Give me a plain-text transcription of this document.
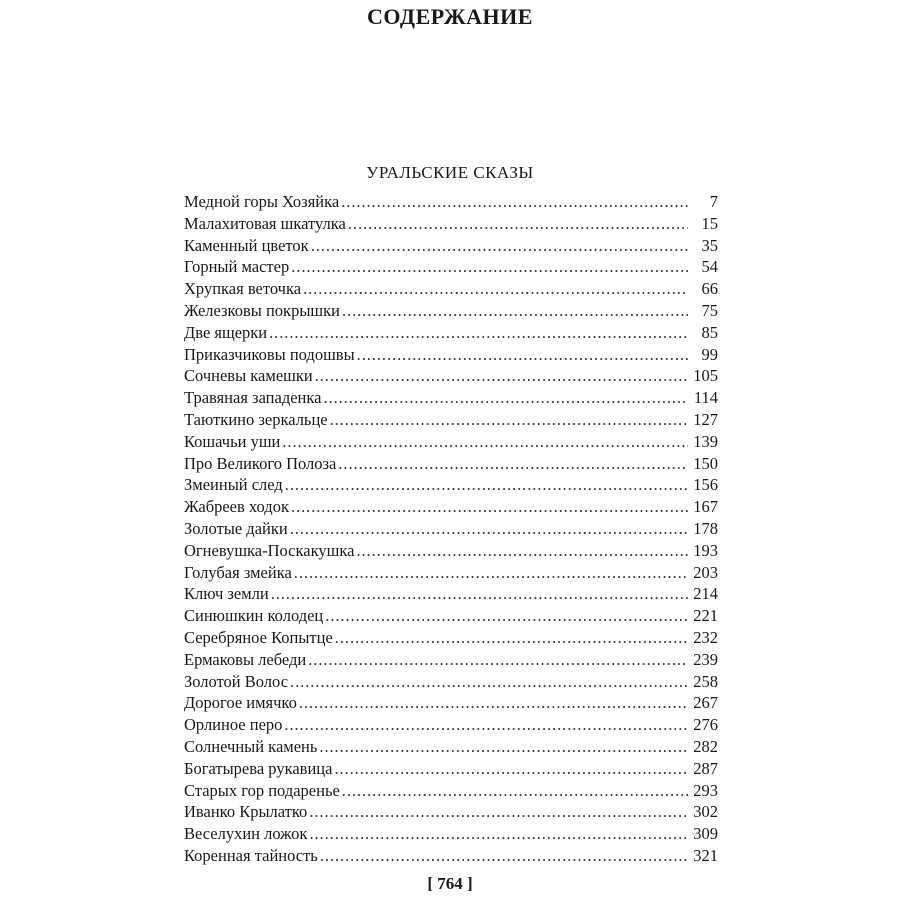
СОДЕРЖАНИЕ
УРАЛЬСКИЕ СКАЗЫ
Медной горы Хозяйка . . .	7
Малахитовая шкатулка . . .	15
Каменный цветок . . .	35
Горный мастер . . .	54
Хрупкая веточка . . .	66
Железковы покрышки . . .	75
Две ящерки . . .	85
Приказчиковы подошвы . . .	99
Сочневы камешки . . .	105
Травяная западенка . . .	114
Таюткино зеркальце . . .	127
Кошачьи уши . . .	139
Про Великого Полоза . . .	150
Змеиный след . . .	156
Жабреев ходок . . .	167
Золотые дайки . . .	178
Огневушка-Поскакушка . . .	193
Голубая змейка . . .	203
Ключ земли . . .	214
Синюшкин колодец . . .	221
Серебряное Копытце . . .	232
Ермаковы лебеди . . .	239
Золотой Волос . . .	258
Дорогое имячко . . .	267
Орлиное перо . . .	276
Солнечный камень . . .	282
Богатырева рукавица . . .	287
Старых гор подаренье . . .	293
Иванко Крылатко . . .	302
Веселухин ложок . . .	309
Коренная тайность . . .	321
[ 764 ]
